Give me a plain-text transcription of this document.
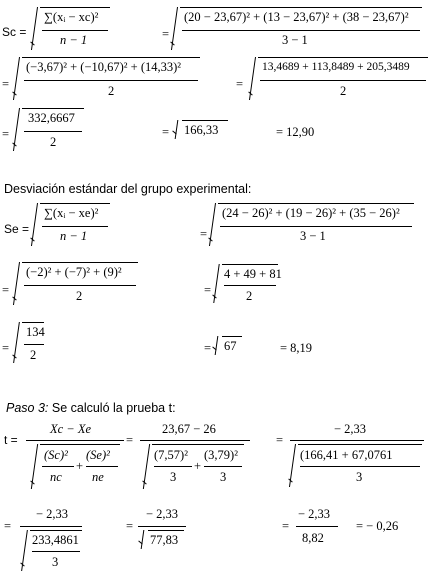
Sc =
∑(xᵢ − xc)²
n − 1	=
(20 − 23,67)² + (13 − 23,67)² + (38 − 23,67)²
3 − 1
=
(−3,67)² + (−10,67)² + (14,33)²
2	=
13,4689 + 113,8489 + 205,3489
2
=
332,6667
2
= 166,33	= 12,90
Desviación estándar del grupo experimental:
Se =
∑(xᵢ − xe)²
n − 1	=
(24 − 26)² + (19 − 26)² + (35 − 26)²
3 − 1
=
(−2)² + (−7)² + (9)²
2	=
4 + 49 + 81
2
=
134
2	= 67	= 8,19
Paso 3: Se calculó la prueba t:
t =
Xc − Xe
(Sc)²
nc
+
(Se)²
ne
=
23,67 − 26
(7,57)²
3
+
(3,79)²
3
=
− 2,33
(166,41 + 67,0761
3
=
− 2,33
233,4861
3
=
− 2,33
77,83
=
− 2,33
8,82
= − 0,26
